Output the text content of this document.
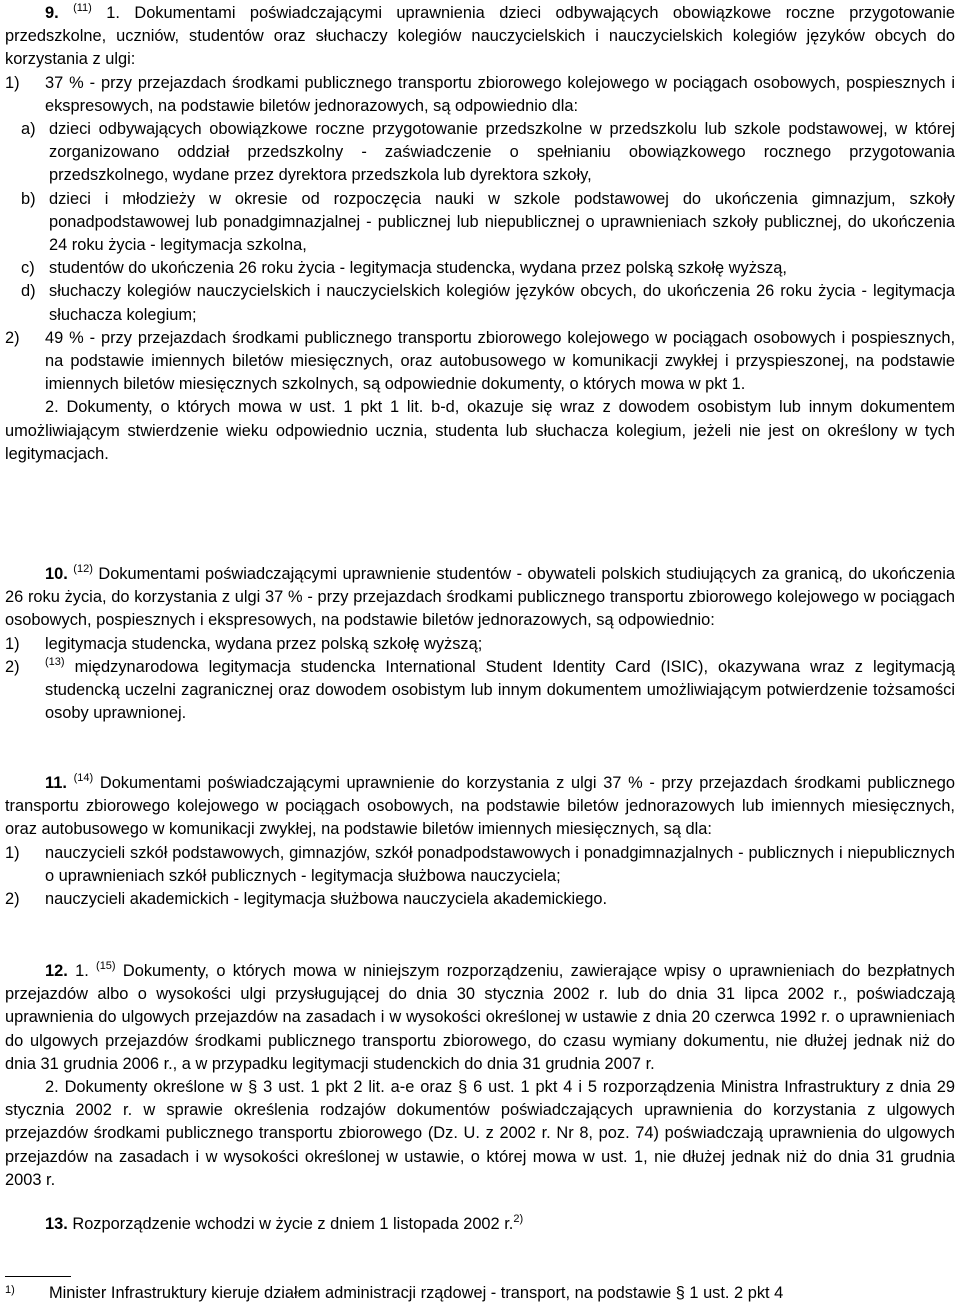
9. $^{(11)}$ 1. Dokumentami poświadczającymi uprawnienia dzieci odbywających obowiązkowe roczne przygotowanie przedszkolne, uczniów, studentów oraz słuchaczy kolegiów nauczycielskich i nauczycielskich kolegiów języków obcych do korzystania z ulgi:

1)	37 % - przy przejazdach środkami publicznego transportu zbiorowego kolejowego w pociągach osobowych, pospiesznych i ekspresowych, na podstawie biletów jednorazowych, są odpowiednio dla:
a) dzieci odbywających obowiązkowe roczne przygotowanie przedszkolne w przedszkolu lub szkole podstawowej, w której zorganizowano oddział przedszkolny - zaświadczenie o spełnianiu obowiązkowego rocznego przygotowania przedszkolnego, wydane przez dyrektora przedszkola lub dyrektora szkoły,
b) dzieci i młodzieży w okresie od rozpoczęcia nauki w szkole podstawowej do ukończenia gimnazjum, szkoły ponadpodstawowej lub ponadgimnazjalnej - publicznej lub niepublicznej o uprawnieniach szkoły publicznej, do ukończenia 24 roku życia - legitymacja szkolna,
c) studentów do ukończenia 26 roku życia - legitymacja studencka, wydana przez polską szkołę wyższą,
d) słuchaczy kolegiów nauczycielskich i nauczycielskich kolegiów języków obcych, do ukończenia 26 roku życia - legitymacja słuchacza kolegium;
2)	49 % - przy przejazdach środkami publicznego transportu zbiorowego kolejowego w pociągach osobowych i pospiesznych, na podstawie imiennych biletów miesięcznych, oraz autobusowego w komunikacji zwykłej i przyspieszonej, na podstawie imiennych biletów miesięcznych szkolnych, są odpowiednie dokumenty, o których mowa w pkt 1.

2. Dokumenty, o których mowa w ust. 1 pkt 1 lit. b-d, okazuje się wraz z dowodem osobistym lub innym dokumentem umożliwiającym stwierdzenie wieku odpowiednio ucznia, studenta lub słuchacza kolegium, jeżeli nie jest on określony w tych legitymacjach.

10. $^{(12)}$ Dokumentami poświadczającymi uprawnienie studentów - obywateli polskich studiujących za granicą, do ukończenia 26 roku życia, do korzystania z ulgi 37 % - przy przejazdach środkami publicznego transportu zbiorowego kolejowego w pociągach osobowych, pospiesznych i ekspresowych, na podstawie biletów jednorazowych, są odpowiednio:

1)	legitymacja studencka, wydana przez polską szkołę wyższą;
2)	$^{(13)}$ międzynarodowa legitymacja studencka International Student Identity Card (ISIC), okazywana wraz z legitymacją studencką uczelni zagranicznej oraz dowodem osobistym lub innym dokumentem umożliwiającym potwierdzenie tożsamości osoby uprawnionej.

11. $^{(14)}$ Dokumentami poświadczającymi uprawnienie do korzystania z ulgi 37 % - przy przejazdach środkami publicznego transportu zbiorowego kolejowego w pociągach osobowych, na podstawie biletów jednorazowych lub imiennych miesięcznych, oraz autobusowego w komunikacji zwykłej, na podstawie biletów imiennych miesięcznych, są dla:

1)	nauczycieli szkół podstawowych, gimnazjów, szkół ponadpodstawowych i ponadgimnazjalnych - publicznych i niepublicznych o uprawnieniach szkół publicznych - legitymacja służbowa nauczyciela;
2)	nauczycieli akademickich - legitymacja służbowa nauczyciela akademickiego.

12. 1. $^{(15)}$ Dokumenty, o których mowa w niniejszym rozporządzeniu, zawierające wpisy o uprawnieniach do bezpłatnych przejazdów albo o wysokości ulgi przysługującej do dnia 30 stycznia 2002 r. lub do dnia 31 lipca 2002 r., poświadczają uprawnienia do ulgowych przejazdów na zasadach i w wysokości określonej w ustawie z dnia 20 czerwca 1992 r. o uprawnieniach do ulgowych przejazdów środkami publicznego transportu zbiorowego, do czasu wymiany dokumentu, nie dłużej jednak niż do dnia 31 grudnia 2006 r., a w przypadku legitymacji studenckich do dnia 31 grudnia 2007 r.

2. Dokumenty określone w § 3 ust. 1 pkt 2 lit. a-e oraz § 6 ust. 1 pkt 4 i 5 rozporządzenia Ministra Infrastruktury z dnia 29 stycznia 2002 r. w sprawie określenia rodzajów dokumentów poświadczających uprawnienia do korzystania z ulgowych przejazdów środkami publicznego transportu zbiorowego (Dz. U. z 2002 r. Nr 8, poz. 74) poświadczają uprawnienia do ulgowych przejazdów na zasadach i w wysokości określonej w ustawie, o której mowa w ust. 1, nie dłużej jednak niż do dnia 31 grudnia 2003 r.

13. Rozporządzenie wchodzi w życie z dniem 1 listopada 2002 r.$^{2)}$

1)	Minister Infrastruktury kieruje działem administracji rządowej - transport, na podstawie § 1 ust. 2 pkt 4
